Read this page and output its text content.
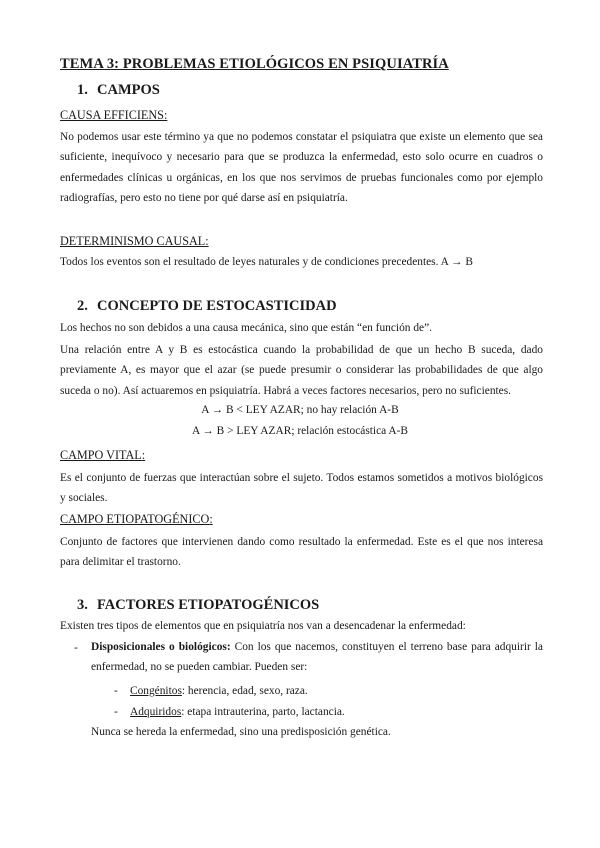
TEMA 3: PROBLEMAS ETIOLÓGICOS EN PSIQUIATRÍA
1. CAMPOS
CAUSA EFFICIENS:
No podemos usar este término ya que no podemos constatar el psiquiatra que existe un elemento que sea suficiente, inequívoco y necesario para que se produzca la enfermedad, esto solo ocurre en cuadros o enfermedades clínicas u orgánicas, en los que nos servimos de pruebas funcionales como por ejemplo radiografías, pero esto no tiene por qué darse así en psiquiatría.
DETERMINISMO CAUSAL:
Todos los eventos son el resultado de leyes naturales y de condiciones precedentes. A → B
2. CONCEPTO DE ESTOCASTICIDAD
Los hechos no son debidos a una causa mecánica, sino que están “en función de”.
Una relación entre A y B es estocástica cuando la probabilidad de que un hecho B suceda, dado previamente A, es mayor que el azar (se puede presumir o considerar las probabilidades de que algo suceda o no). Así actuaremos en psiquiatría. Habrá a veces factores necesarios, pero no suficientes.
A → B < LEY AZAR; no hay relación A-B
A → B > LEY AZAR; relación estocástica A-B
CAMPO VITAL:
Es el conjunto de fuerzas que interactúan sobre el sujeto. Todos estamos sometidos a motivos biológicos y sociales.
CAMPO ETIOPATOGÉNICO:
Conjunto de factores que intervienen dando como resultado la enfermedad. Este es el que nos interesa para delimitar el trastorno.
3. FACTORES ETIOPATOGÉNICOS
Existen tres tipos de elementos que en psiquiatría nos van a desencadenar la enfermedad:
- Disposicionales o biológicos: Con los que nacemos, constituyen el terreno base para adquirir la enfermedad, no se pueden cambiar. Pueden ser:
- Congénitos: herencia, edad, sexo, raza.
- Adquiridos: etapa intrauterina, parto, lactancia.
Nunca se hereda la enfermedad, sino una predisposición genética.
